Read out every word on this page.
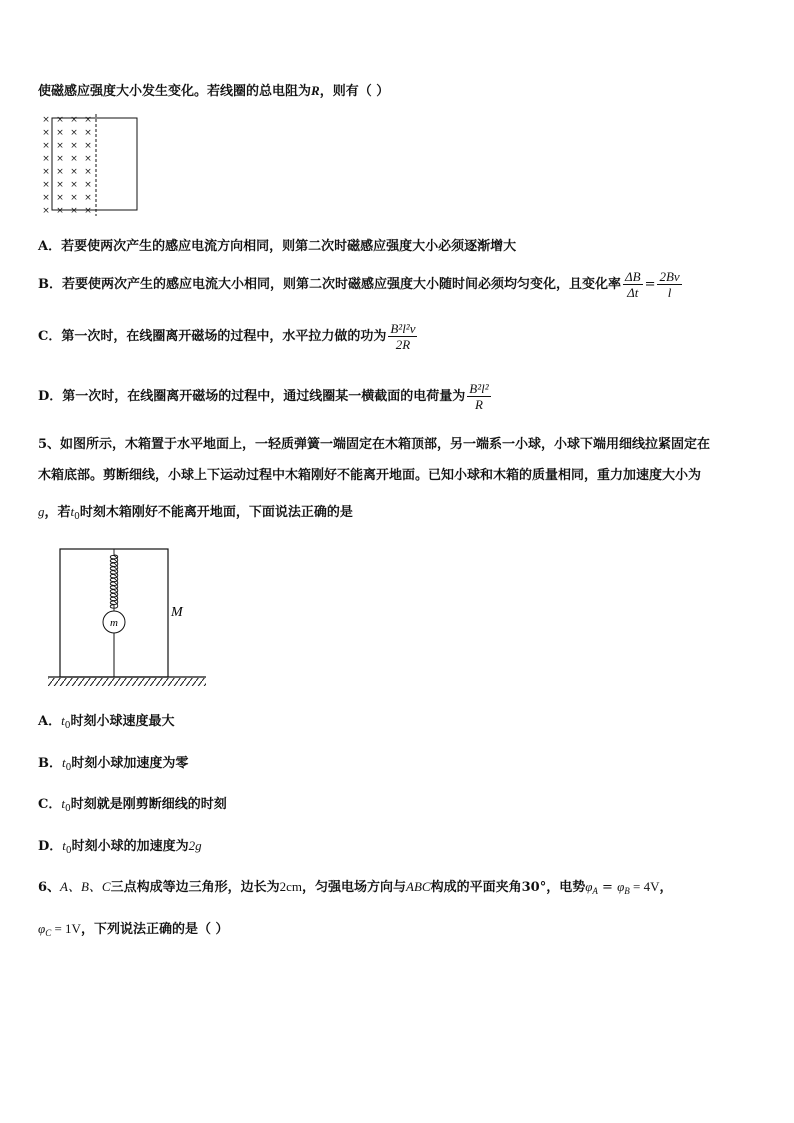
使磁感应强度大小发生变化。若线圈的总电阻为R，则有（ ）
× × × ×
× × × ×
× × × ×
× × × ×
× × × ×
× × × ×
× × × ×
× × × ×
A．若要使两次产生的感应电流方向相同，则第二次时磁感应强度大小必须逐渐增大
B．若要使两次产生的感应电流大小相同，则第二次时磁感应强度大小随时间必须均匀变化，且变化率 $\frac{\Delta B}{\Delta t} = \frac{2Bv}{l}$
C．第一次时，在线圈离开磁场的过程中，水平拉力做的功为 $\frac{\text{B²l²v}}{2R}$
D．第一次时，在线圈离开磁场的过程中，通过线圈某一横截面的电荷量为 $\frac{\text{B²l²}}{R}$
5、如图所示，木箱置于水平地面上，一轻质弹簧一端固定在木箱顶部，另一端系一小球，小球下端用细线拉紧固定在
木箱底部。剪断细线，小球上下运动过程中木箱刚好不能离开地面。已知小球和木箱的质量相同，重力加速度大小为
g，若$t_0$时刻木箱刚好不能离开地面，下面说法正确的是
m
M
A．$t_0$时刻小球速度最大
B．$t_0$时刻小球加速度为零
C．$t_0$时刻就是刚剪断细线的时刻
D．$t_0$时刻小球的加速度为2g
6、A、B、C三点构成等边三角形，边长为2cm，匀强电场方向与ABC构成的平面夹角30°，电势$\varphi_A = \varphi_B = 4V$，
$\varphi_C = 1V$，下列说法正确的是（ ）
